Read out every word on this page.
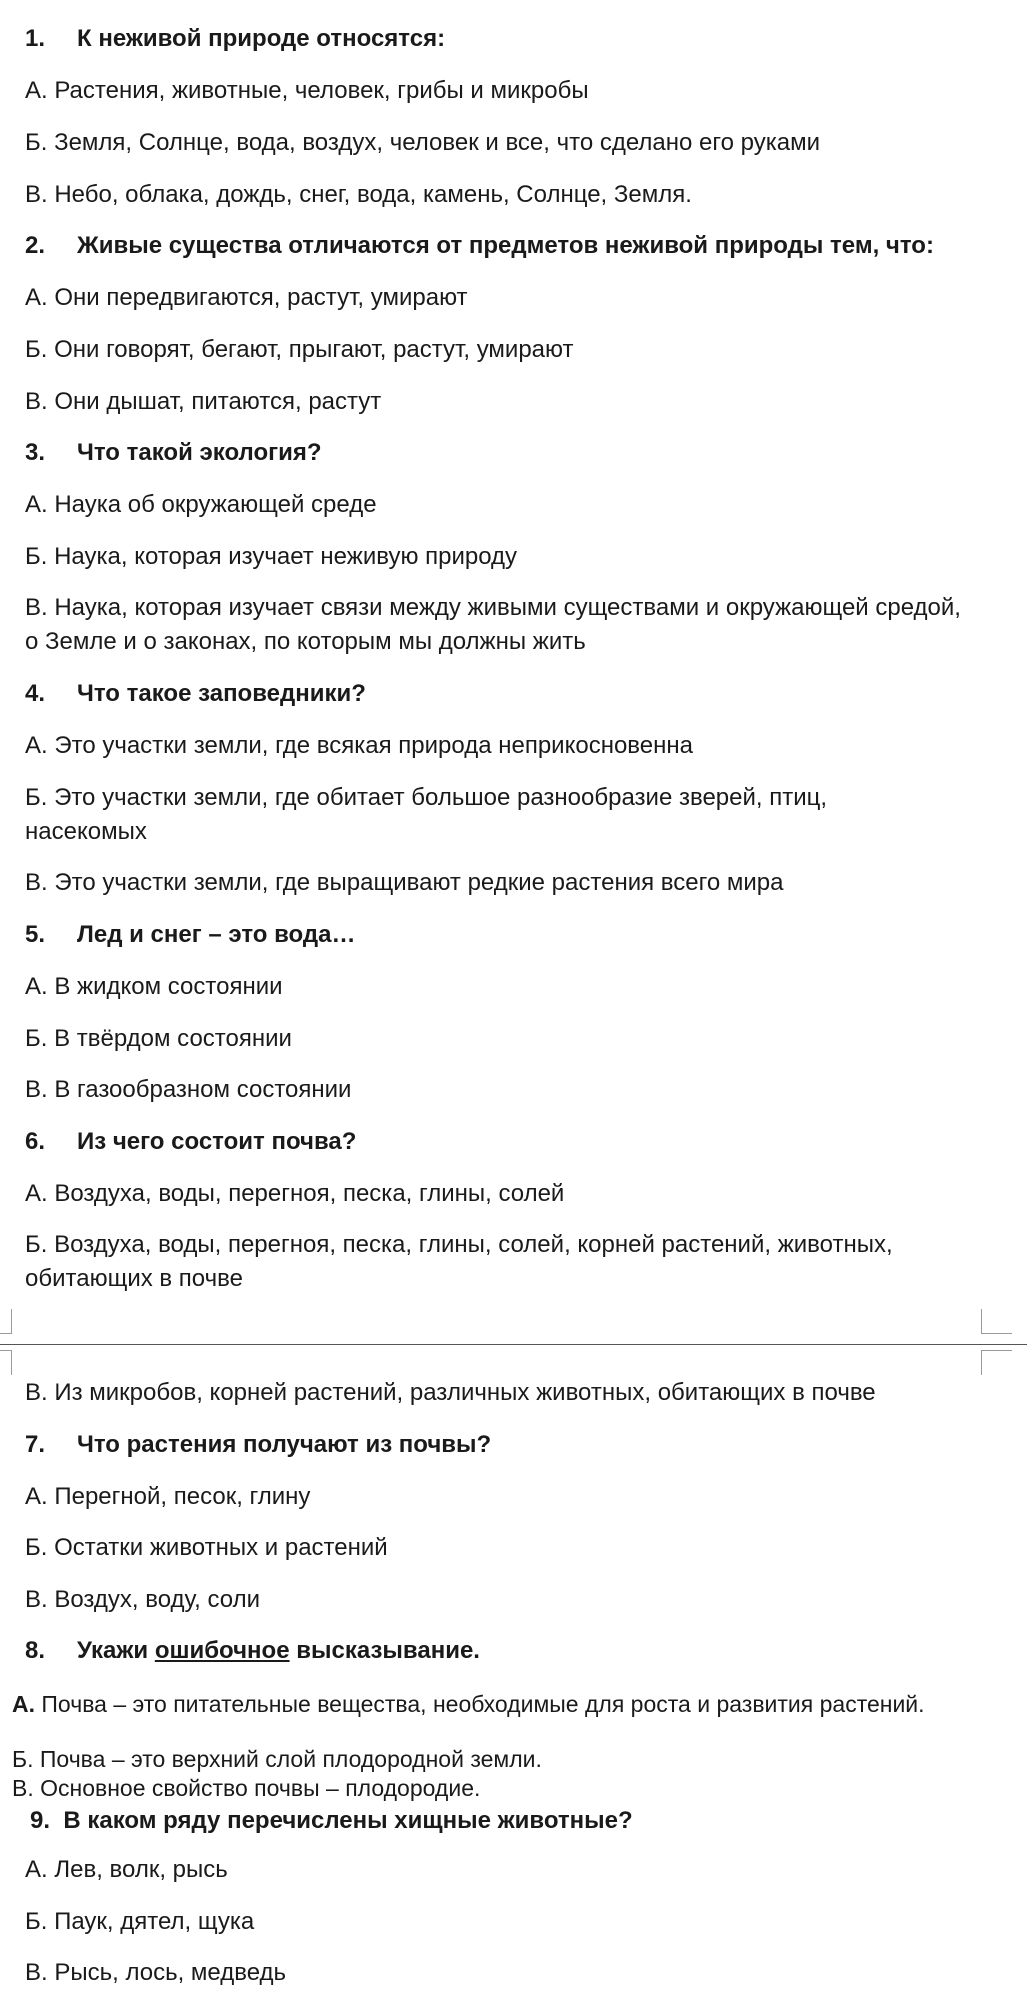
1. К неживой природе относятся:
А. Растения, животные, человек, грибы и микробы
Б. Земля, Солнце, вода, воздух, человек и все, что сделано его руками
В. Небо, облака, дождь, снег, вода, камень, Солнце, Земля.
2. Живые существа отличаются от предметов неживой природы тем, что:
А. Они передвигаются, растут, умирают
Б. Они говорят, бегают, прыгают, растут, умирают
В. Они дышат, питаются, растут
3. Что такой экология?
А. Наука об окружающей среде
Б. Наука, которая изучает неживую природу
В. Наука, которая изучает связи между живыми существами и окружающей средой, о Земле и о законах, по которым мы должны жить
4. Что такое заповедники?
А. Это участки земли, где всякая природа неприкосновенна
Б. Это участки земли, где обитает большое разнообразие зверей, птиц, насекомых
В. Это участки земли, где выращивают редкие растения всего мира
5. Лед и снег – это вода…
А. В жидком состоянии
Б. В твёрдом состоянии
В. В газообразном состоянии
6. Из чего состоит почва?
А. Воздуха, воды, перегноя, песка, глины, солей
Б. Воздуха, воды, перегноя, песка, глины, солей, корней растений, животных, обитающих в почве
В. Из микробов, корней растений, различных животных, обитающих в почве
7. Что растения получают из почвы?
А. Перегной, песок, глину
Б. Остатки животных и растений
В. Воздух, воду, соли
8. Укажи ошибочное высказывание.
А. Почва – это питательные вещества, необходимые для роста и развития растений.
Б. Почва – это верхний слой плодородной земли.
В. Основное свойство почвы – плодородие.
9. В каком ряду перечислены хищные животные?
А. Лев, волк, рысь
Б. Паук, дятел, щука
В. Рысь, лось, медведь
